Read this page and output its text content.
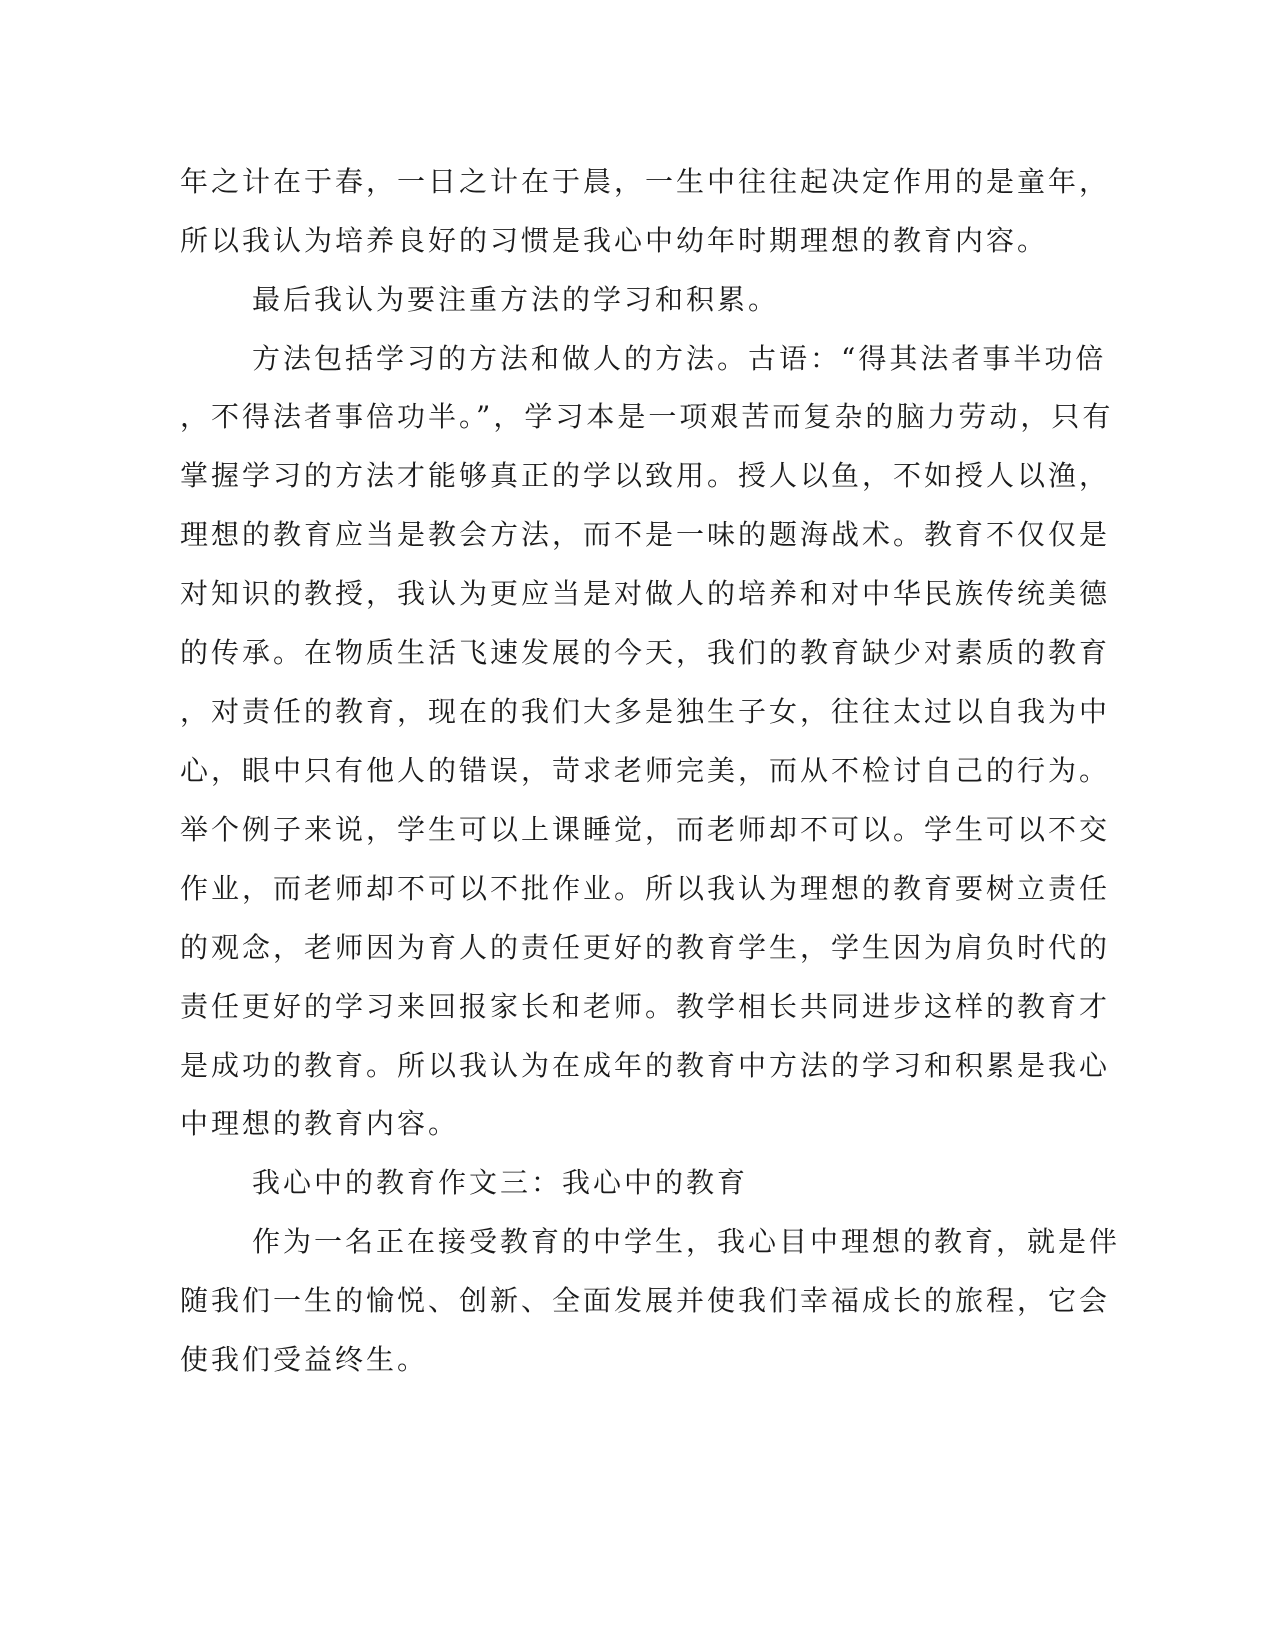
年之计在于春，一日之计在于晨，一生中往往起决定作用的是童年，
所以我认为培养良好的习惯是我心中幼年时期理想的教育内容。
最后我认为要注重方法的学习和积累。
方法包括学习的方法和做人的方法。古语：“得其法者事半功倍
，不得法者事倍功半。”，学习本是一项艰苦而复杂的脑力劳动，只有
掌握学习的方法才能够真正的学以致用。授人以鱼，不如授人以渔，
理想的教育应当是教会方法，而不是一味的题海战术。教育不仅仅是
对知识的教授，我认为更应当是对做人的培养和对中华民族传统美德
的传承。在物质生活飞速发展的今天，我们的教育缺少对素质的教育
，对责任的教育，现在的我们大多是独生子女，往往太过以自我为中
心，眼中只有他人的错误，苛求老师完美，而从不检讨自己的行为。
举个例子来说，学生可以上课睡觉，而老师却不可以。学生可以不交
作业，而老师却不可以不批作业。所以我认为理想的教育要树立责任
的观念，老师因为育人的责任更好的教育学生，学生因为肩负时代的
责任更好的学习来回报家长和老师。教学相长共同进步这样的教育才
是成功的教育。所以我认为在成年的教育中方法的学习和积累是我心
中理想的教育内容。
我心中的教育作文三：我心中的教育
作为一名正在接受教育的中学生，我心目中理想的教育，就是伴
随我们一生的愉悦、创新、全面发展并使我们幸福成长的旅程，它会
使我们受益终生。
